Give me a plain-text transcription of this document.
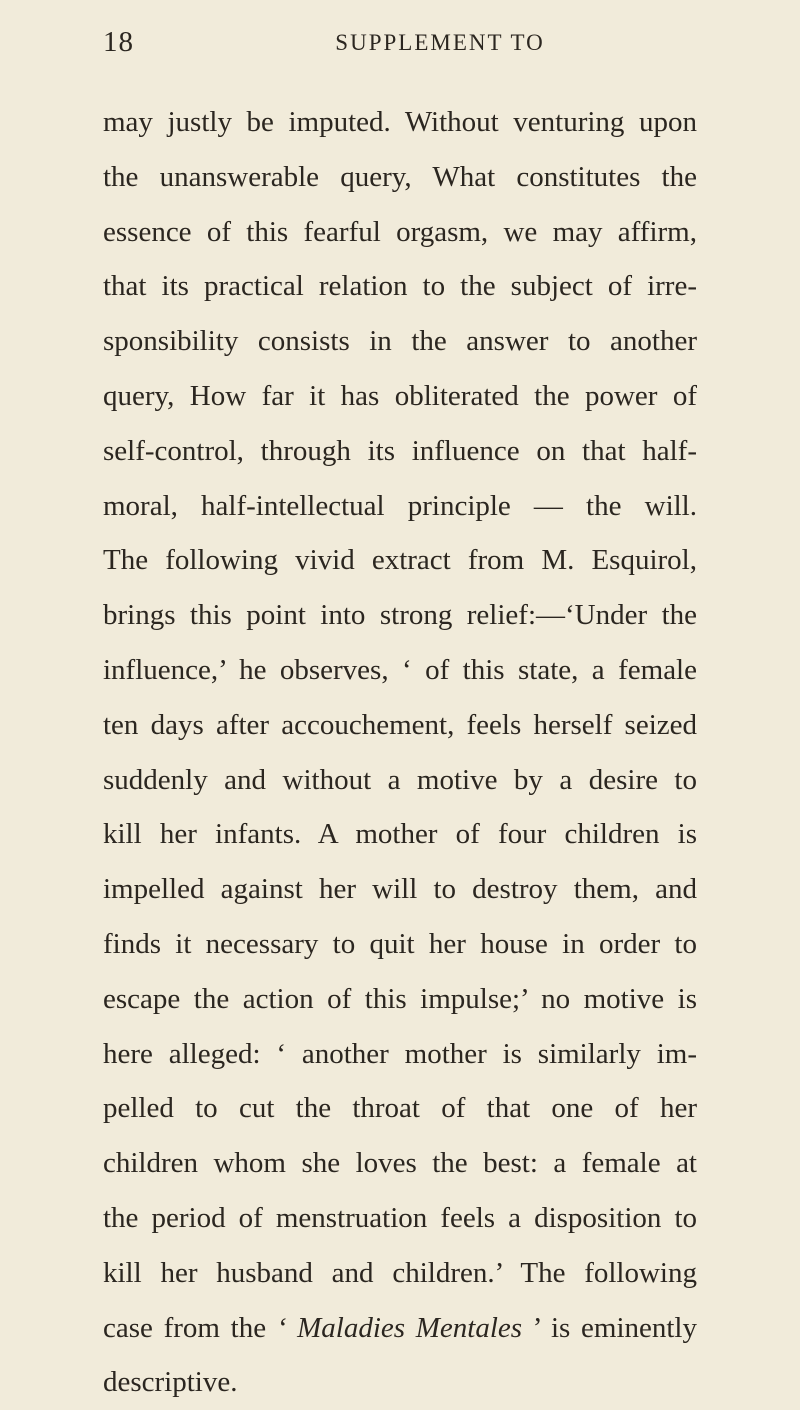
18	SUPPLEMENT TO
may justly be imputed. Without venturing upon
the unanswerable query, What constitutes the
essence of this fearful orgasm, we may affirm,
that its practical relation to the subject of irre-
sponsibility consists in the answer to another
query, How far it has obliterated the power of
self-control, through its influence on that half-
moral, half-intellectual principle — the will.
The following vivid extract from M. Esquirol,
brings this point into strong relief:—‘Under the
influence,’ he observes, ‘ of this state, a female
ten days after accouchement, feels herself seized
suddenly and without a motive by a desire to
kill her infants. A mother of four children is
impelled against her will to destroy them, and
finds it necessary to quit her house in order to
escape the action of this impulse;’ no motive is
here alleged: ‘ another mother is similarly im-
pelled to cut the throat of that one of her
children whom she loves the best: a female at
the period of menstruation feels a disposition to
kill her husband and children.’ The following
case from the ‘ Maladies Mentales ’ is eminently
descriptive.
